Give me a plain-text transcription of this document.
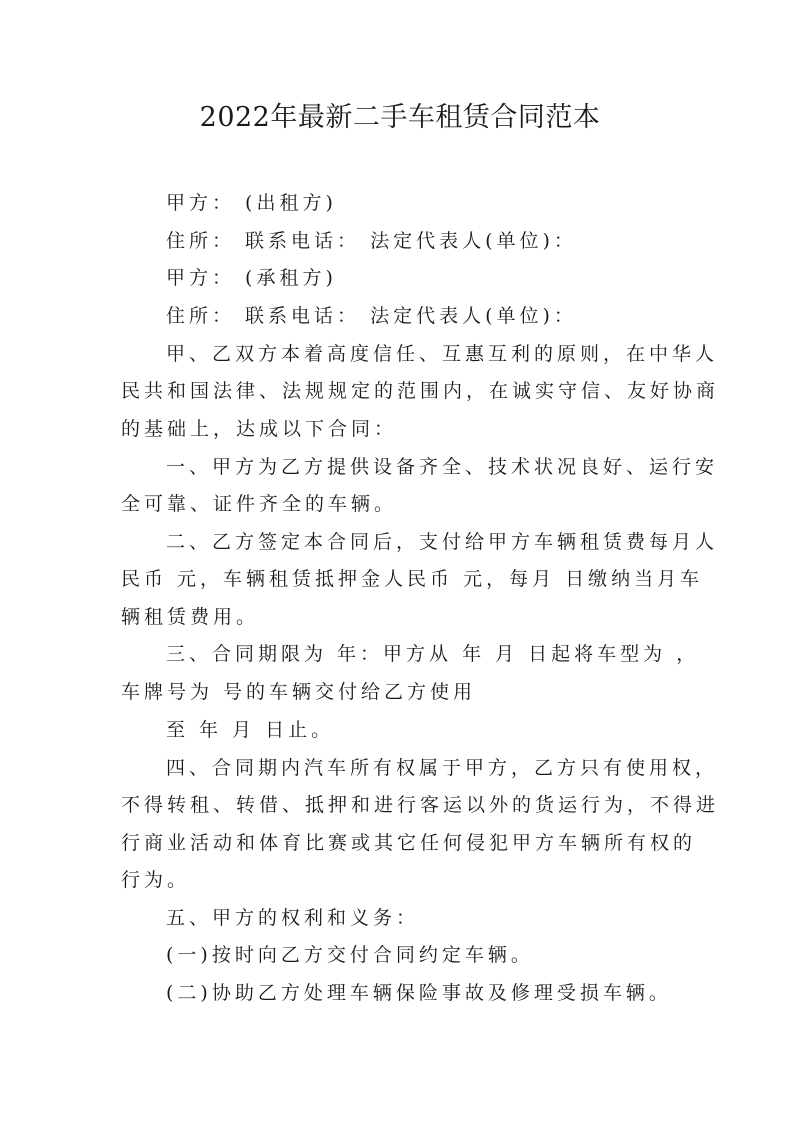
2022年最新二手车租赁合同范本
甲方： (出租方)
住所： 联系电话： 法定代表人(单位)：
甲方： (承租方)
住所： 联系电话： 法定代表人(单位)：
甲、乙双方本着高度信任、互惠互利的原则，在中华人
民共和国法律、法规规定的范围内，在诚实守信、友好协商
的基础上，达成以下合同：
一、甲方为乙方提供设备齐全、技术状况良好、运行安
全可靠、证件齐全的车辆。
二、乙方签定本合同后，支付给甲方车辆租赁费每月人
民币 元，车辆租赁抵押金人民币 元，每月 日缴纳当月车
辆租赁费用。
三、合同期限为 年：甲方从 年 月 日起将车型为 ，
车牌号为 号的车辆交付给乙方使用
至 年 月 日止。
四、合同期内汽车所有权属于甲方，乙方只有使用权，
不得转租、转借、抵押和进行客运以外的货运行为，不得进
行商业活动和体育比赛或其它任何侵犯甲方车辆所有权的
行为。
五、甲方的权利和义务：
(一)按时向乙方交付合同约定车辆。
(二)协助乙方处理车辆保险事故及修理受损车辆。
